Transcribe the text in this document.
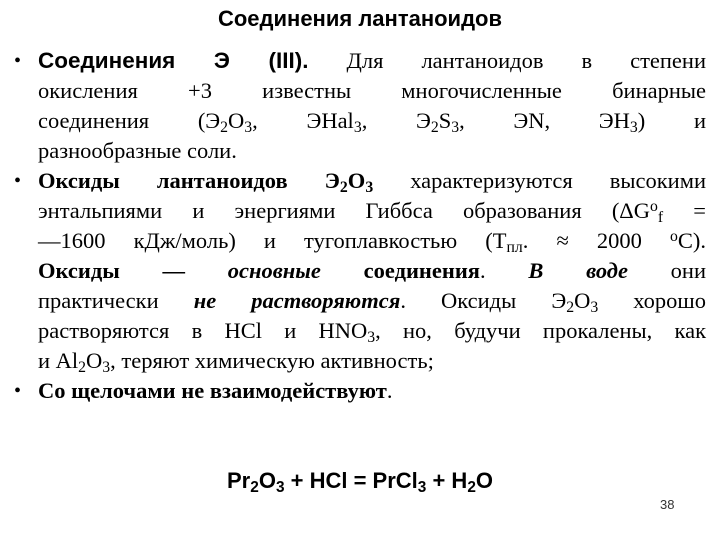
Соединения лантаноидов
• Соединения Э (III). Для лантаноидов в степени
окисления +3 известны многочисленные бинарные
соединения ($Э_2O_3$, ЭHal$_3$, $Э_2S_3$, ЭN, $ЭН_3$) и
разнообразные соли.
• Оксиды лантаноидов $Э_2O_3$ характеризуются высокими
энтальпиями и энергиями Гиббса образования ($\Delta G^o_f$ =
—1600 кДж/моль) и тугоплавкостью ($Т_{пл}$. ≈ 2000 $^o$С).
Оксиды — основные соединения. В воде они
практически не растворяются. Оксиды $Э_2O_3$ хорошо
растворяются в HCl и $HNO_3$, но, будучи прокалены, как
и $Al_2O_3$, теряют химическую активность;
• Со щелочами не взаимодействуют.
$Pr_2O_3$ + HCl = PrCl$_3$ + $H_2O$
38
